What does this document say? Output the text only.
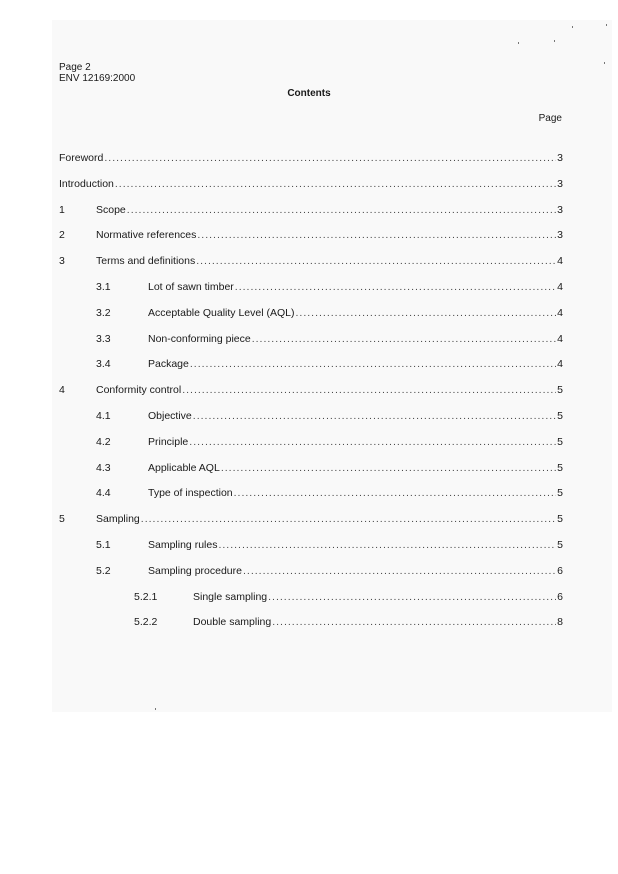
Page 2
ENV 12169:2000
Contents
Page
Foreword .....	3
Introduction .....	3
1	Scope .....	3
2	Normative references .....	3
3	Terms and definitions .....	4
3.1	Lot of sawn timber .....	4
3.2	Acceptable Quality Level (AQL) .....	4
3.3	Non-conforming piece .....	4
3.4	Package .....	4
4	Conformity control .....	5
4.1	Objective .....	5
4.2	Principle .....	5
4.3	Applicable AQL .....	5
4.4	Type of inspection .....	5
5	Sampling .....	5
5.1	Sampling rules .....	5
5.2	Sampling procedure .....	6
5.2.1	Single sampling .....	6
5.2.2	Double sampling .....	8
